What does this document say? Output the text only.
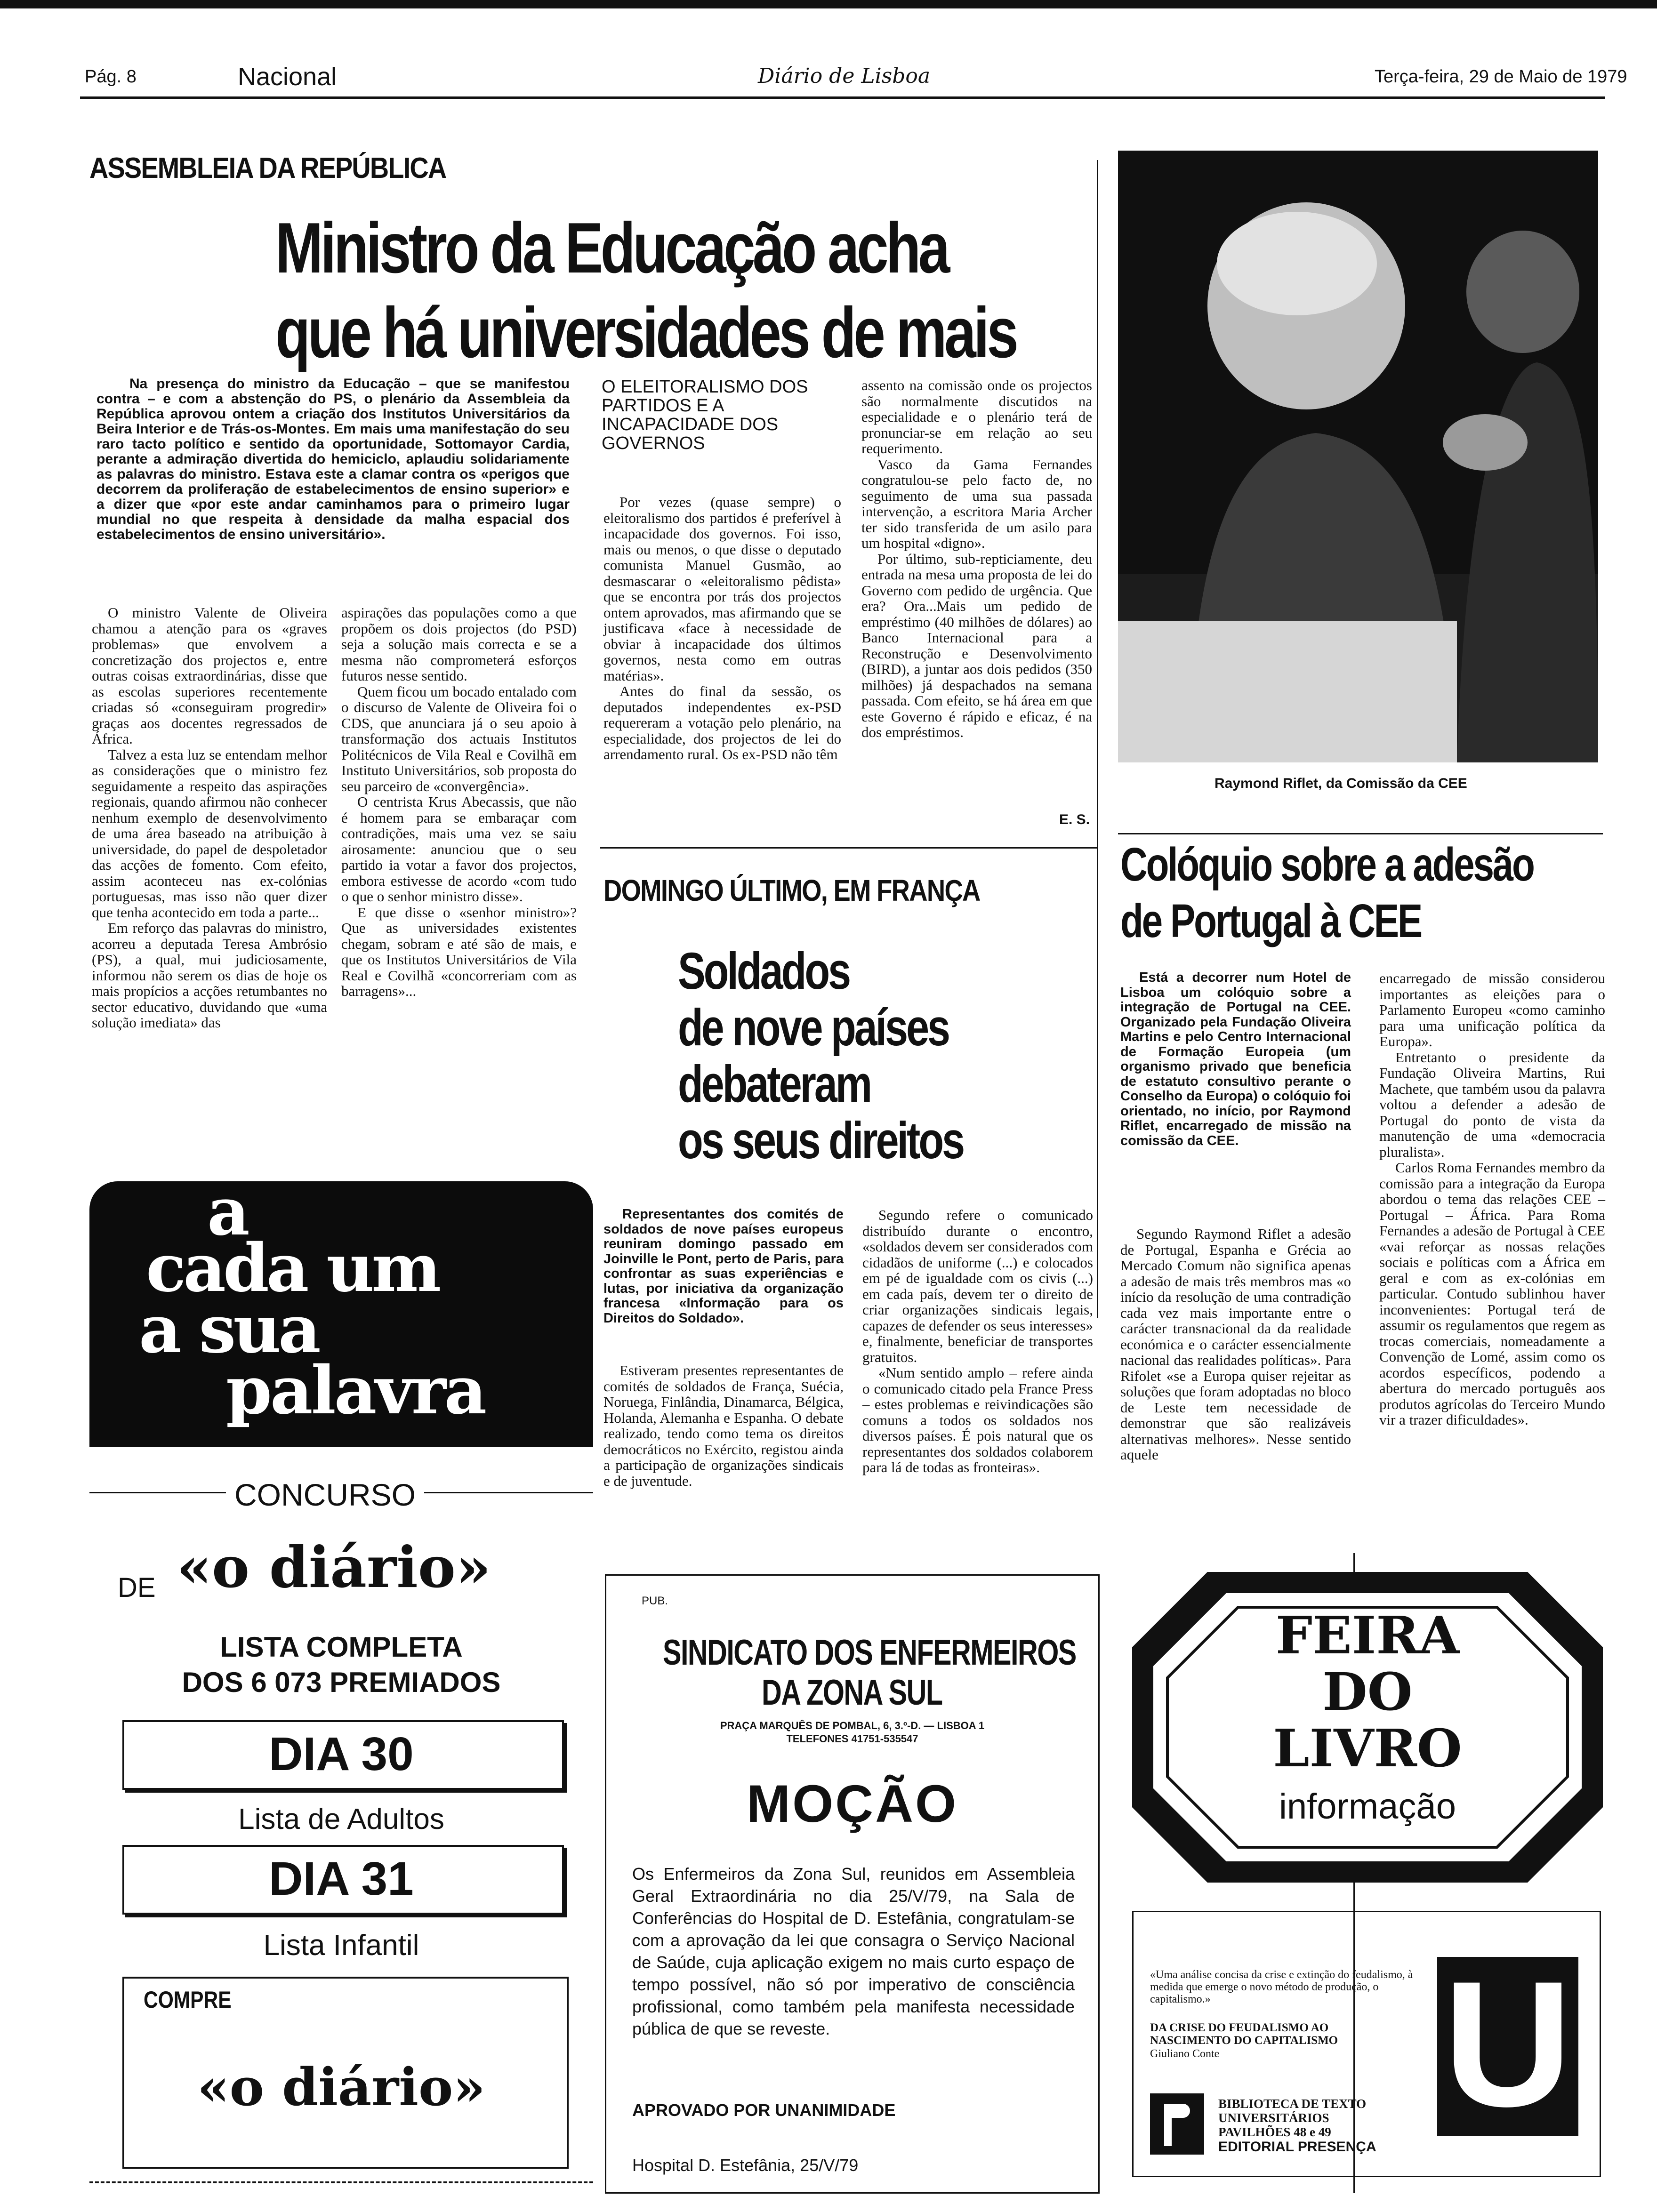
Pág. 8	Nacional	Diário de Lisboa	Terça-feira, 29 de Maio de 1979
ASSEMBLEIA DA REPÚBLICA
Ministro da Educação acha
que há universidades de mais
Na presença do ministro da Educação – que se manifestou contra – e com a abstenção do PS, o plenário da Assembleia da República aprovou ontem a criação dos Institutos Universitários da Beira Interior e de Trás-os-Montes. Em mais uma manifestação do seu raro tacto político e sentido da oportunidade, Sottomayor Cardia, perante a admiração divertida do hemiciclo, aplaudiu solidariamente as palavras do ministro. Estava este a clamar contra os «perigos que decorrem da proliferação de estabelecimentos de ensino superior» e a dizer que «por este andar caminhamos para o primeiro lugar mundial no que respeita à densidade da malha espacial dos estabelecimentos de ensino universitário».

O ministro Valente de Oliveira chamou a atenção para os «graves problemas» que envolvem a concretização dos projectos e, entre outras coisas extraordinárias, disse que as escolas superiores recentemente criadas só «conseguiram progredir» graças aos docentes regressados de África.

Talvez a esta luz se entendam melhor as considerações que o ministro fez seguidamente a respeito das aspirações regionais, quando afirmou não conhecer nenhum exemplo de desenvolvimento de uma área baseado na atribuição à universidade, do papel de despoletador das acções de fomento. Com efeito, assim aconteceu nas ex-colónias portuguesas, mas isso não quer dizer que tenha acontecido em toda a parte...

Em reforço das palavras do ministro, acorreu a deputada Teresa Ambrósio (PS), a qual, mui judiciosamente, informou não serem os dias de hoje os mais propícios a acções retumbantes no sector educativo, duvidando que «uma solução imediata» das

aspirações das populações como a que propõem os dois projectos (do PSD) seja a solução mais correcta e se a mesma não comprometerá esforços futuros nesse sentido.

Quem ficou um bocado entalado com o discurso de Valente de Oliveira foi o CDS, que anunciara já o seu apoio à transformação dos actuais Institutos Politécnicos de Vila Real e Covilhã em Instituto Universitários, sob proposta do seu parceiro de «convergência».

O centrista Krus Abecassis, que não é homem para se embaraçar com contradições, mais uma vez se saiu airosamente: anunciou que o seu partido ia votar a favor dos projectos, embora estivesse de acordo «com tudo o que o senhor ministro disse».

E que disse o «senhor ministro»? Que as universidades existentes chegam, sobram e até são de mais, e que os Institutos Universitários de Vila Real e Covilhã «concorreriam com as barragens»...

O ELEITORALISMO DOS PARTIDOS E A INCAPACIDADE DOS GOVERNOS

Por vezes (quase sempre) o eleitoralismo dos partidos é preferível à incapacidade dos governos. Foi isso, mais ou menos, o que disse o deputado comunista Manuel Gusmão, ao desmascarar o «eleitoralismo pêdista» que se encontra por trás dos projectos ontem aprovados, mas afirmando que se justificava «face à necessidade de obviar à incapacidade dos últimos governos, nesta como em outras matérias».

Antes do final da sessão, os deputados independentes ex-PSD requereram a votação pelo plenário, na especialidade, dos projectos de lei do arrendamento rural. Os ex-PSD não têm

assento na comissão onde os projectos são normalmente discutidos na especialidade e o plenário terá de pronunciar-se em relação ao seu requerimento.

Vasco da Gama Fernandes congratulou-se pelo facto de, no seguimento de uma sua passada intervenção, a escritora Maria Archer ter sido transferida de um asilo para um hospital «digno».

Por último, sub-repticiamente, deu entrada na mesa uma proposta de lei do Governo com pedido de urgência. Que era? Ora...Mais um pedido de empréstimo (40 milhões de dólares) ao Banco Internacional para a Reconstrução e Desenvolvimento (BIRD), a juntar aos dois pedidos (350 milhões) já despachados na semana passada. Com efeito, se há área em que este Governo é rápido e eficaz, é na dos empréstimos.

E. S.
Raymond Riflet, da Comissão da CEE
Colóquio sobre a adesão
de Portugal à CEE
Está a decorrer num Hotel de Lisboa um colóquio sobre a integração de Portugal na CEE. Organizado pela Fundação Oliveira Martins e pelo Centro Internacional de Formação Europeia (um organismo privado que beneficia de estatuto consultivo perante o Conselho da Europa) o colóquio foi orientado, no início, por Raymond Riflet, encarregado de missão na comissão da CEE.

Segundo Raymond Riflet a adesão de Portugal, Espanha e Grécia ao Mercado Comum não significa apenas a adesão de mais três membros mas «o início da resolução de uma contradição cada vez mais importante entre o carácter transnacional da da realidade económica e o carácter essencialmente nacional das realidades políticas». Para Rifolet «se a Europa quiser rejeitar as soluções que foram adoptadas no bloco de Leste tem necessidade de demonstrar que são realizáveis alternativas melhores». Nesse sentido aquele

encarregado de missão considerou importantes as eleições para o Parlamento Europeu «como caminho para uma unificação política da Europa».

Entretanto o presidente da Fundação Oliveira Martins, Rui Machete, que também usou da palavra voltou a defender a adesão de Portugal do ponto de vista da manutenção de uma «democracia pluralista».

Carlos Roma Fernandes membro da comissão para a integração da Europa abordou o tema das relações CEE – Portugal – África. Para Roma Fernandes a adesão de Portugal à CEE «vai reforçar as nossas relações sociais e políticas com a África em geral e com as ex-colónias em particular. Contudo sublinhou haver inconvenientes: Portugal terá de assumir os regulamentos que regem as trocas comerciais, nomeadamente a Convenção de Lomé, assim como os acordos específicos, podendo a abertura do mercado português aos produtos agrícolas do Terceiro Mundo vir a trazer dificuldades».

DOMINGO ÚLTIMO, EM FRANÇA
Soldados
de nove países
debateram
os seus direitos
Representantes dos comités de soldados de nove países europeus reuniram domingo passado em Joinville le Pont, perto de Paris, para confrontar as suas experiências e lutas, por iniciativa da organização francesa «Informação para os Direitos do Soldado».

Estiveram presentes representantes de comités de soldados de França, Suécia, Noruega, Finlândia, Dinamarca, Bélgica, Holanda, Alemanha e Espanha. O debate realizado, tendo como tema os direitos democráticos no Exército, registou ainda a participação de organizações sindicais e de juventude.

Segundo refere o comunicado distribuído durante o encontro, «soldados devem ser considerados com cidadãos de uniforme (...) e colocados em pé de igualdade com os civis (...) em cada país, devem ter o direito de criar organizações sindicais legais, capazes de defender os seus interesses» e, finalmente, beneficiar de transportes gratuitos.

«Num sentido amplo – refere ainda o comunicado citado pela France Press – estes problemas e reivindicações são comuns a todos os soldados nos diversos países. É pois natural que os representantes dos soldados colaborem para lá de todas as fronteiras».

a
cada um
a sua
palavra
CONCURSO
DE «o diário»
LISTA COMPLETA
DOS 6 073 PREMIADOS
DIA 30
Lista de Adultos
DIA 31
Lista Infantil
COMPRE
«o diário»
PUB.
SINDICATO DOS ENFERMEIROS
DA ZONA SUL
PRAÇA MARQUÊS DE POMBAL, 6, 3.º-D. — LISBOA 1
TELEFONES 41751-535547
MOÇÃO
Os Enfermeiros da Zona Sul, reunidos em Assembleia Geral Extraordinária no dia 25/V/79, na Sala de Conferências do Hospital de D. Estefânia, congratulam-se com a aprovação da lei que consagra o Serviço Nacional de Saúde, cuja aplicação exigem no mais curto espaço de tempo possível, não só por imperativo de consciência profissional, como também pela manifesta necessidade pública de que se reveste.
APROVADO POR UNANIMIDADE
Hospital D. Estefânia, 25/V/79
FEIRA
DO
LIVRO
informação
«Uma análise concisa da crise e extinção do feudalismo, à medida que emerge o novo método de produção, o capitalismo.»
DA CRISE DO FEUDALISMO AO NASCIMENTO DO CAPITALISMO
Giuliano Conte
BIBLIOTECA DE TEXTO
UNIVERSITÁRIOS
PAVILHÕES 48 e 49
EDITORIAL PRESENÇA
U
